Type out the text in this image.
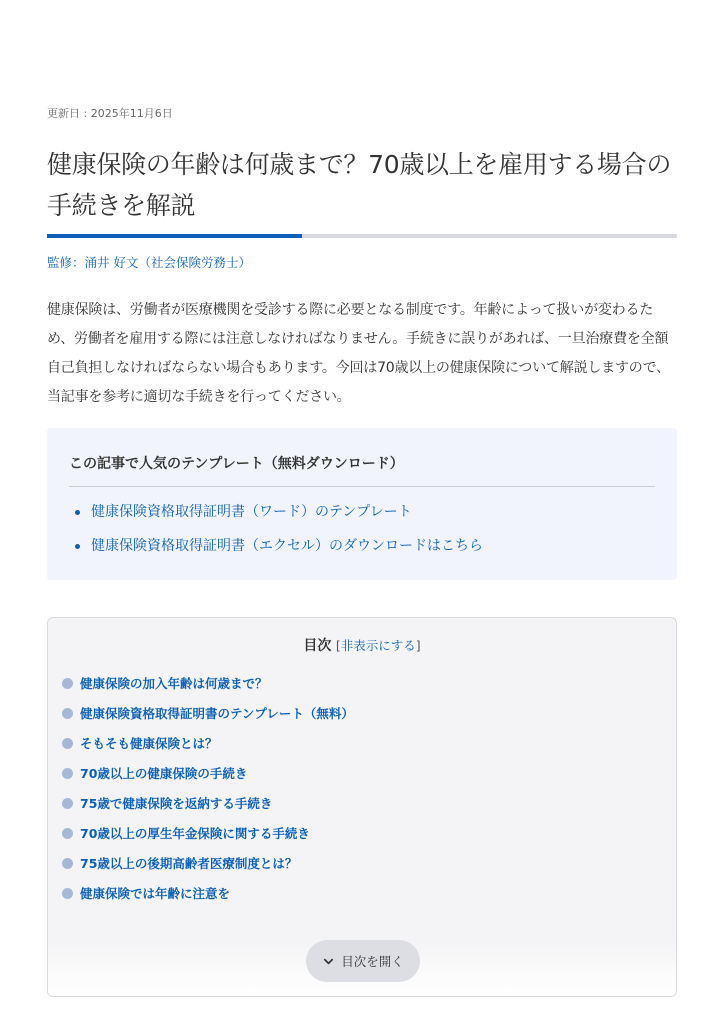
更新日 : 2025年11月6日
健康保険の年齢は何歳まで？70歳以上を雇用する場合の手続きを解説
監修：涌井 好文（社会保険労務士）

健康保険は、労働者が医療機関を受診する際に必要となる制度です。年齢によって扱いが変わるため、労働者を雇用する際には注意しなければなりません。手続きに誤りがあれば、一旦治療費を全額自己負担しなければならない場合もあります。今回は70歳以上の健康保険について解説しますので、当記事を参考に適切な手続きを行ってください。

この記事で人気のテンプレート（無料ダウンロード）
健康保険資格取得証明書（ワード）のテンプレート
健康保険資格取得証明書（エクセル）のダウンロードはこちら
目次 [非表示にする]
健康保険の加入年齢は何歳まで？
健康保険資格取得証明書のテンプレート（無料）
そもそも健康保険とは？
70歳以上の健康保険の手続き
75歳で健康保険を返納する手続き
70歳以上の厚生年金保険に関する手続き
75歳以上の後期高齢者医療制度とは？
健康保険では年齢に注意を
目次を開く
